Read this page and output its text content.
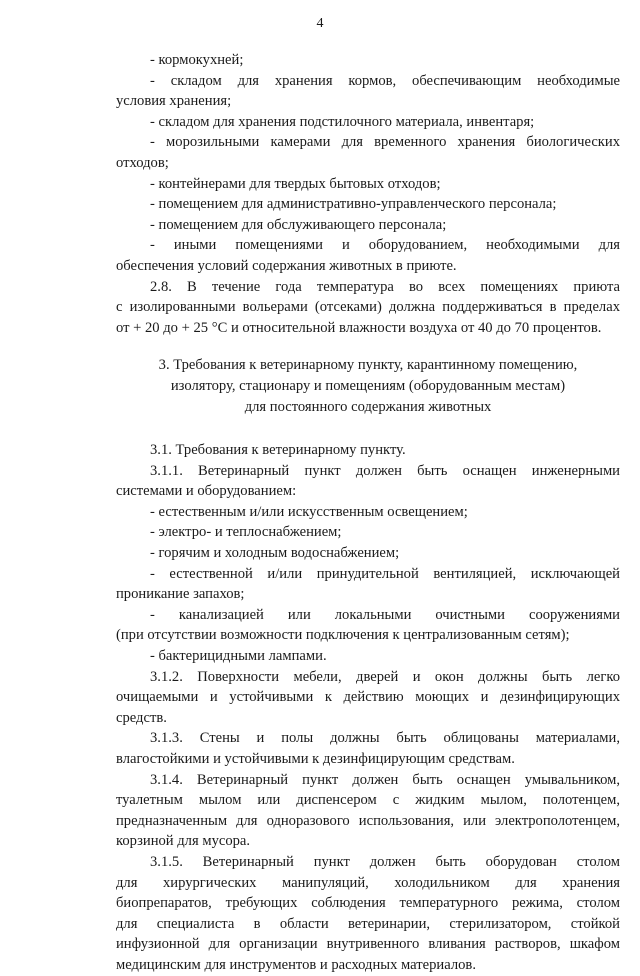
4
- кормокухней;
- складом для хранения кормов, обеспечивающим необходимые
условия хранения;
- складом для хранения подстилочного материала, инвентаря;
- морозильными камерами для временного хранения биологических
отходов;
- контейнерами для твердых бытовых отходов;
- помещением для административно-управленческого персонала;
- помещением для обслуживающего персонала;
- иными помещениями и оборудованием, необходимыми для
обеспечения условий содержания животных в приюте.
2.8. В течение года температура во всех помещениях приюта
с изолированными вольерами (отсеками) должна поддерживаться в пределах
от + 20 до + 25 °С и относительной влажности воздуха от 40 до 70 процентов.
3. Требования к ветеринарному пункту, карантинному помещению,
изолятору, стационару и помещениям (оборудованным местам)
для постоянного содержания животных
3.1. Требования к ветеринарному пункту.
3.1.1. Ветеринарный пункт должен быть оснащен инженерными
системами и оборудованием:
- естественным и/или искусственным освещением;
- электро- и теплоснабжением;
- горячим и холодным водоснабжением;
- естественной и/или принудительной вентиляцией, исключающей
проникание запахов;
- канализацией или локальными очистными сооружениями
(при отсутствии возможности подключения к централизованным сетям);
- бактерицидными лампами.
3.1.2. Поверхности мебели, дверей и окон должны быть легко
очищаемыми и устойчивыми к действию моющих и дезинфицирующих
средств.
3.1.3. Стены и полы должны быть облицованы материалами,
влагостойкими и устойчивыми к дезинфицирующим средствам.
3.1.4. Ветеринарный пункт должен быть оснащен умывальником,
туалетным мылом или диспенсером с жидким мылом, полотенцем,
предназначенным для одноразового использования, или электрополотенцем,
корзиной для мусора.
3.1.5. Ветеринарный пункт должен быть оборудован столом
для хирургических манипуляций, холодильником для хранения
биопрепаратов, требующих соблюдения температурного режима, столом
для специалиста в области ветеринарии, стерилизатором, стойкой
инфузионной для организации внутривенного вливания растворов, шкафом
медицинским для инструментов и расходных материалов.
